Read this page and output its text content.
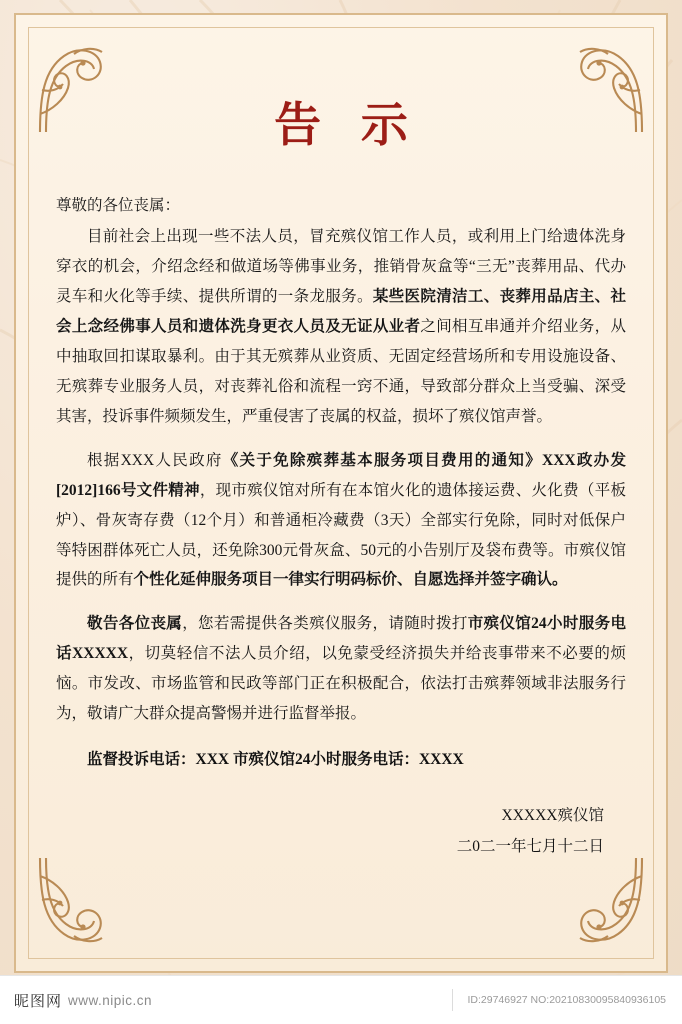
告 示
尊敬的各位丧属：
目前社会上出现一些不法人员，冒充殡仪馆工作人员，或利用上门给遗体洗身穿衣的机会，介绍念经和做道场等佛事业务，推销骨灰盒等“三无”丧葬用品、代办灵车和火化等手续、提供所谓的一条龙服务。某些医院清洁工、丧葬用品店主、社会上念经佛事人员和遗体洗身更衣人员及无证从业者之间相互串通并介绍业务，从中抽取回扣谋取暴利。由于其无殡葬从业资质、无固定经营场所和专用设施设备、无殡葬专业服务人员，对丧葬礼俗和流程一窍不通，导致部分群众上当受骗、深受其害，投诉事件频频发生，严重侵害了丧属的权益，损坏了殡仪馆声誉。
根据XXX人民政府《关于免除殡葬基本服务项目费用的通知》XXX政办发[2012]166号文件精神，现市殡仪馆对所有在本馆火化的遗体接运费、火化费（平板炉）、骨灰寄存费（12个月）和普通柜冷藏费（3天）全部实行免除，同时对低保户等特困群体死亡人员，还免除300元骨灰盒、50元的小告别厅及袋布费等。市殡仪馆提供的所有个性化延伸服务项目一律实行明码标价、自愿选择并签字确认。
敬告各位丧属，您若需提供各类殡仪服务，请随时拨打市殡仪馆24小时服务电话XXXXX，切莫轻信不法人员介绍，以免蒙受经济损失并给丧事带来不必要的烦恼。市发改、市场监管和民政等部门正在积极配合，依法打击殡葬领域非法服务行为，敬请广大群众提高警惕并进行监督举报。
监督投诉电话：XXX 市殡仪馆24小时服务电话：XXXX
XXXXX殡仪馆
二0二一年七月十二日
昵图网 www.nipic.cn	ID:29746927 NO:20210830095840936105
